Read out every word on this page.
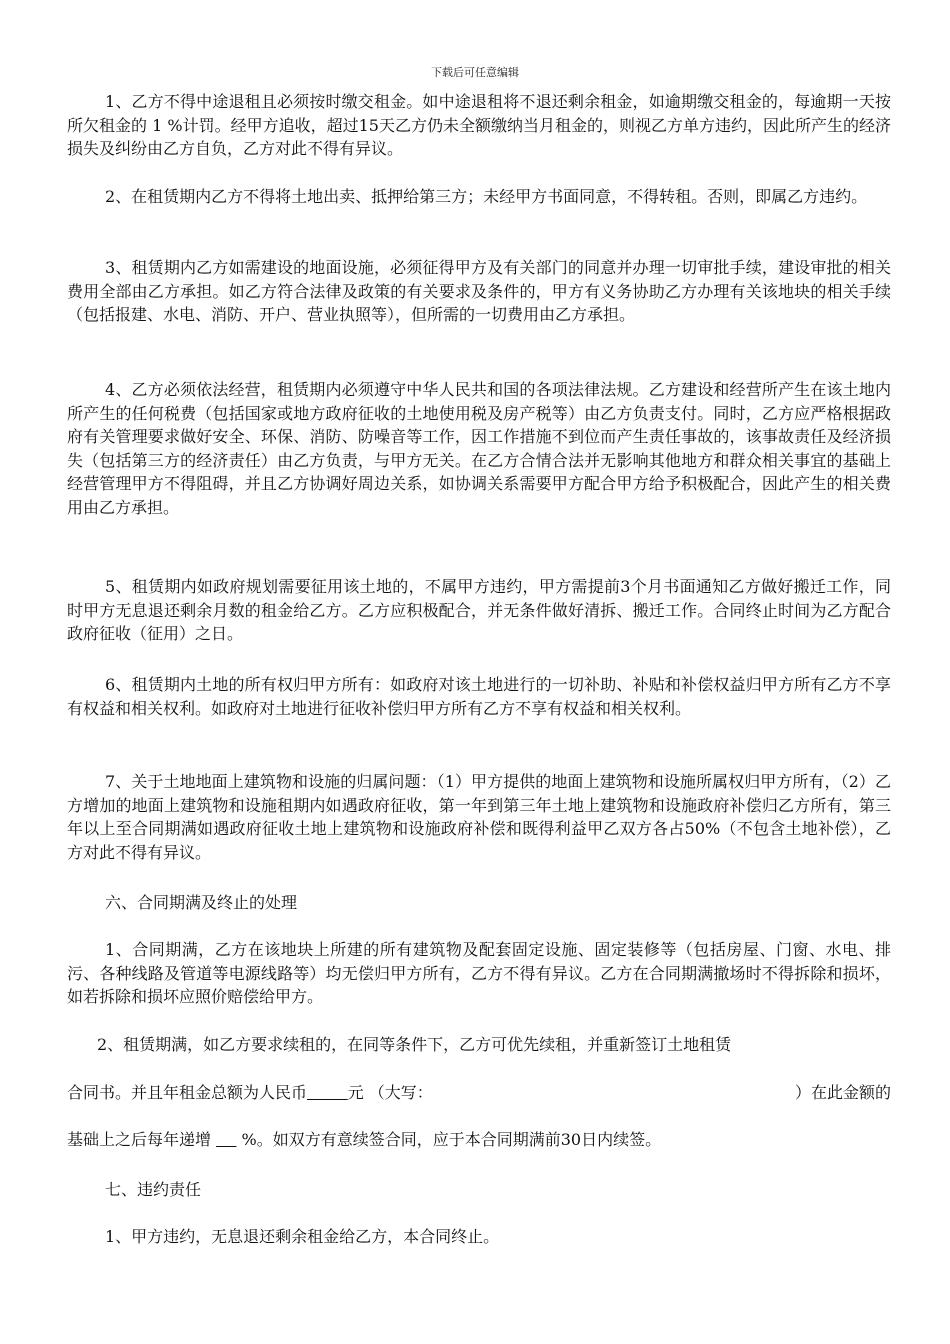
下载后可任意编辑

1、乙方不得中途退租且必须按时缴交租金。如中途退租将不退还剩余租金，如逾期缴交租金的，每逾期一天按所欠租金的 1 %计罚。经甲方追收，超过15天乙方仍未全额缴纳当月租金的，则视乙方单方违约，因此所产生的经济损失及纠纷由乙方自负，乙方对此不得有异议。

2、在租赁期内乙方不得将土地出卖、抵押给第三方；未经甲方书面同意，不得转租。否则，即属乙方违约。

3、租赁期内乙方如需建设的地面设施，必须征得甲方及有关部门的同意并办理一切审批手续，建设审批的相关费用全部由乙方承担。如乙方符合法律及政策的有关要求及条件的，甲方有义务协助乙方办理有关该地块的相关手续（包括报建、水电、消防、开户、营业执照等），但所需的一切费用由乙方承担。

4、乙方必须依法经营，租赁期内必须遵守中华人民共和国的各项法律法规。乙方建设和经营所产生在该土地内所产生的任何税费（包括国家或地方政府征收的土地使用税及房产税等）由乙方负责支付。同时，乙方应严格根据政府有关管理要求做好安全、环保、消防、防噪音等工作，因工作措施不到位而产生责任事故的，该事故责任及经济损失（包括第三方的经济责任）由乙方负责，与甲方无关。在乙方合情合法并无影响其他地方和群众相关事宜的基础上经营管理甲方不得阻碍，并且乙方协调好周边关系，如协调关系需要甲方配合甲方给予积极配合，因此产生的相关费用由乙方承担。

5、租赁期内如政府规划需要征用该土地的，不属甲方违约，甲方需提前3个月书面通知乙方做好搬迁工作，同时甲方无息退还剩余月数的租金给乙方。乙方应积极配合，并无条件做好清拆、搬迁工作。合同终止时间为乙方配合政府征收（征用）之日。

6、租赁期内土地的所有权归甲方所有：如政府对该土地进行的一切补助、补贴和补偿权益归甲方所有乙方不享有权益和相关权利。如政府对土地进行征收补偿归甲方所有乙方不享有权益和相关权利。

7、关于土地地面上建筑物和设施的归属问题：（1）甲方提供的地面上建筑物和设施所属权归甲方所有，（2）乙方增加的地面上建筑物和设施租期内如遇政府征收，第一年到第三年土地上建筑物和设施政府补偿归乙方所有，第三年以上至合同期满如遇政府征收土地上建筑物和设施政府补偿和既得利益甲乙双方各占50%（不包含土地补偿），乙方对此不得有异议。

六、合同期满及终止的处理

1、合同期满，乙方在该地块上所建的所有建筑物及配套固定设施、固定装修等（包括房屋、门窗、水电、排污、各种线路及管道等电源线路等）均无偿归甲方所有，乙方不得有异议。乙方在合同期满撤场时不得拆除和损坏，如若拆除和损坏应照价赔偿给甲方。

2、租赁期满，如乙方要求续租的，在同等条件下，乙方可优先续租，并重新签订土地租赁
合同书。并且年租金总额为人民币	元 （大写：	）在此金额的
基础上之后每年递增      %。如双方有意续签合同，应于本合同期满前30日内续签。

七、违约责任

1、甲方违约，无息退还剩余租金给乙方，本合同终止。
